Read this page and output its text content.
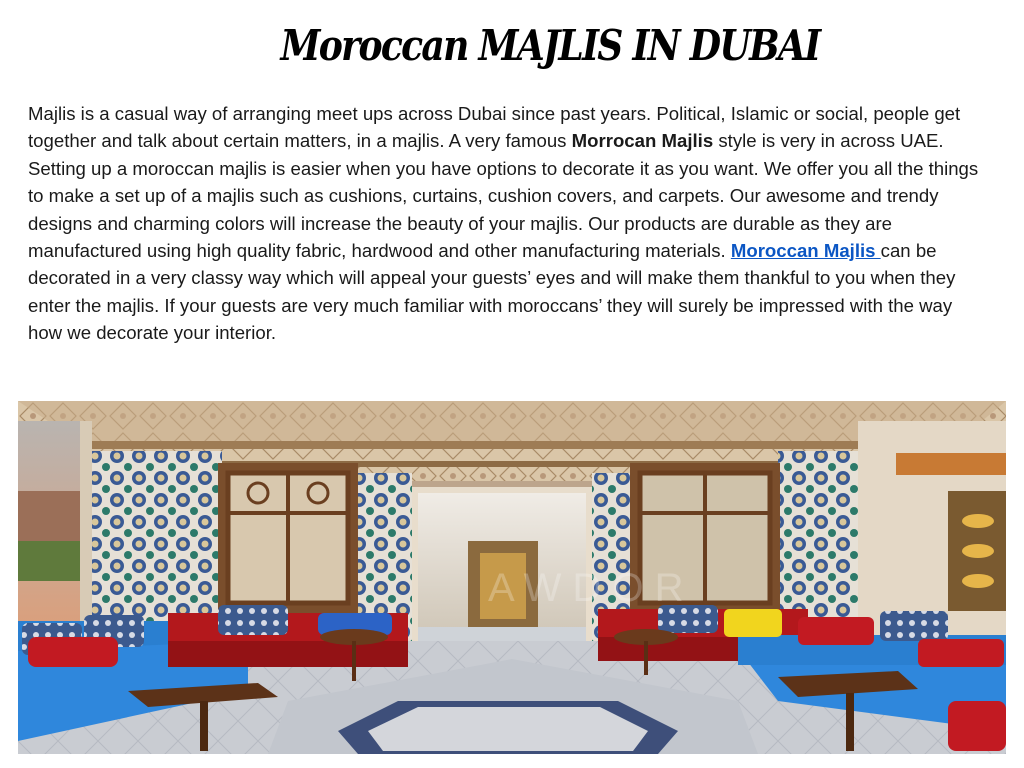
Moroccan MAJLIS IN DUBAI

Majlis is a casual way of arranging meet ups across Dubai since past years. Political, Islamic or social, people get together and talk about certain matters, in a majlis. A very famous Morrocan Majlis style is very in across UAE. Setting up a moroccan majlis is easier when you have options to decorate it as you want. We offer you all the things to make a set up of a majlis such as cushions, curtains, cushion covers, and carpets. Our awesome and trendy designs and charming colors will increase the beauty of your majlis. Our products are durable as they are manufactured using high quality fabric, hardwood and other manufacturing materials. Moroccan Majlis can be decorated in a very classy way which will appeal your guests’ eyes and will make them thankful to you when they enter the majlis. If your guests are very much familiar with moroccans’ they will surely be impressed with the way how we decorate your interior.

A W D O R
